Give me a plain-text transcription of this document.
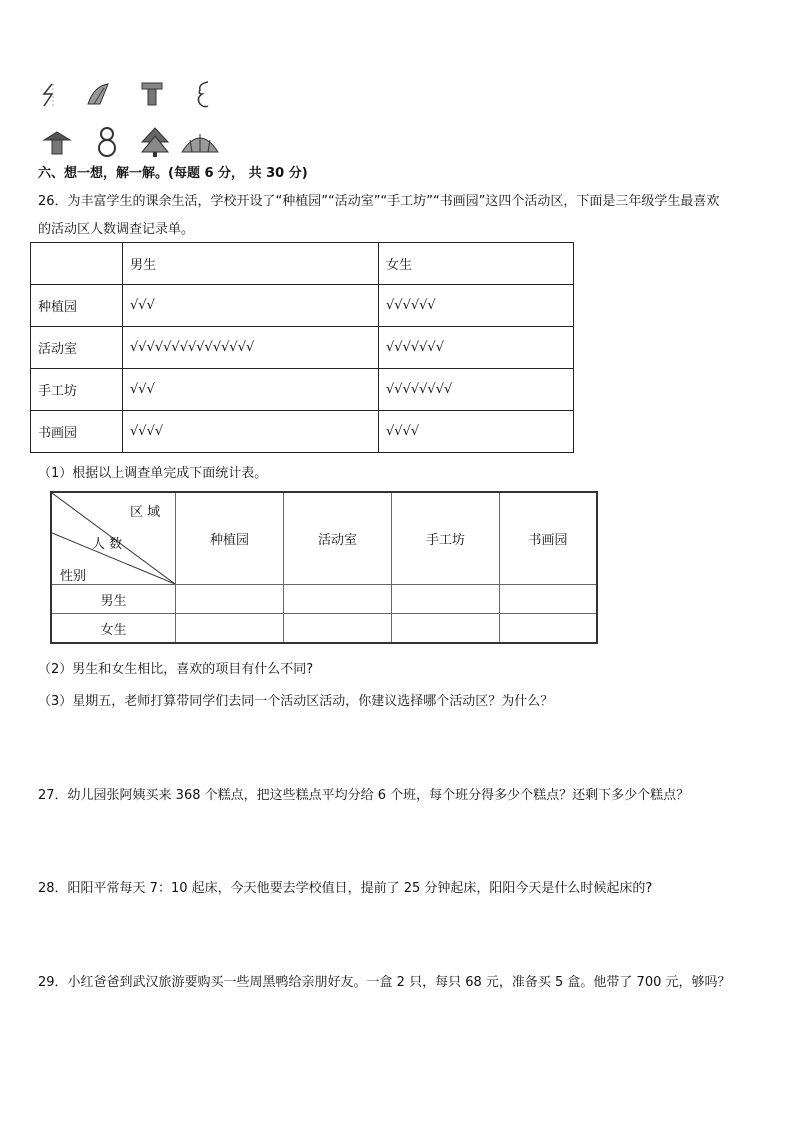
六、想一想，解一解。(每题 6 分， 共 30 分)
26．为丰富学生的课余生活，学校开设了“种植园”“活动室”“手工坊”“书画园”这四个活动区，下面是三年级学生最喜欢
的活动区人数调查记录单。
	男生	女生
种植园	√√√	√√√√√√
活动室	√√√√√√√√√√√√√√√	√√√√√√√
手工坊	√√√	√√√√√√√√
书画园	√√√√	√√√√
（1）根据以上调查单完成下面统计表。
区 域
人 数
性别	种植园	活动室	手工坊	书画园
男生				
女生				
（2）男生和女生相比，喜欢的项目有什么不同?
（3）星期五，老师打算带同学们去同一个活动区活动，你建议选择哪个活动区？为什么？
27．幼儿园张阿姨买来 368 个糕点，把这些糕点平均分给 6 个班，每个班分得多少个糕点？还剩下多少个糕点？
28．阳阳平常每天 7：10 起床，今天他要去学校值日，提前了 25 分钟起床，阳阳今天是什么时候起床的?
29．小红爸爸到武汉旅游要购买一些周黑鸭给亲朋好友。一盒 2 只，每只 68 元，准备买 5 盒。他带了 700 元，够吗？
